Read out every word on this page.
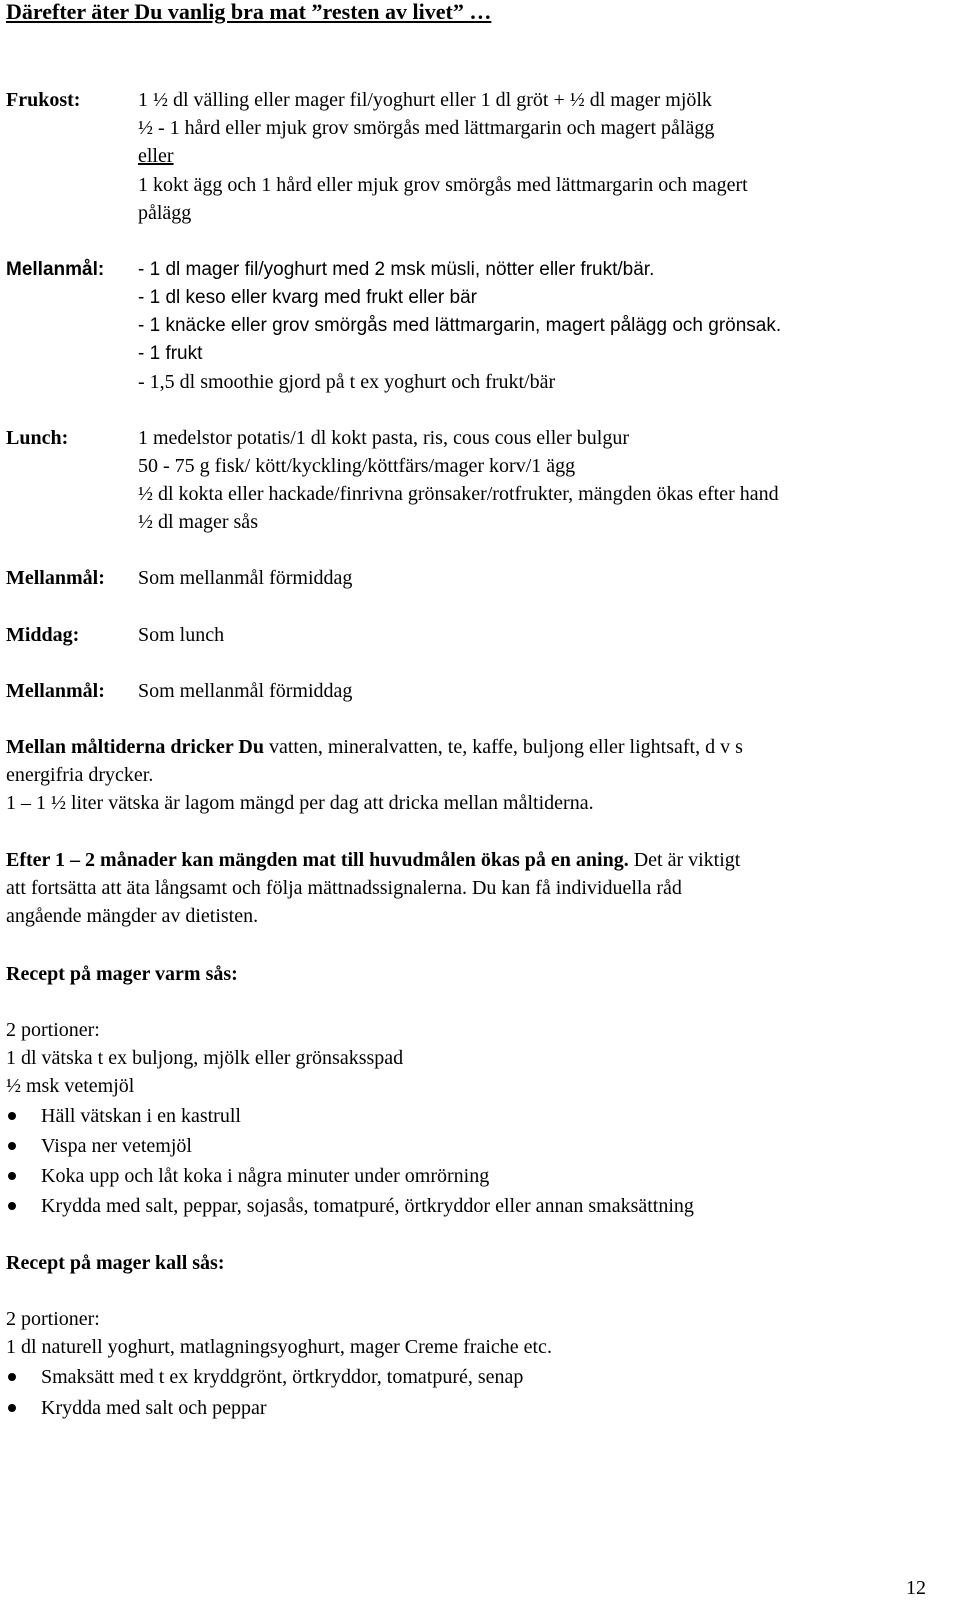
Därefter äter Du vanlig bra mat ”resten av livet” …
Frukost:	1 ½ dl välling eller mager fil/yoghurt eller 1 dl gröt + ½ dl mager mjölk
½ - 1 hård eller mjuk grov smörgås med lättmargarin och magert pålägg
eller
1 kokt ägg och 1 hård eller mjuk grov smörgås med lättmargarin och magert
pålägg
Mellanmål: - 1 dl mager fil/yoghurt med 2 msk müsli, nötter eller frukt/bär.
- 1 dl keso eller kvarg med frukt eller bär
- 1 knäcke eller grov smörgås med lättmargarin, magert pålägg och grönsak.
- 1 frukt
- 1,5 dl smoothie gjord på t ex yoghurt och frukt/bär
Lunch:	1 medelstor potatis/1 dl kokt pasta, ris, cous cous eller bulgur
50 - 75 g fisk/ kött/kyckling/köttfärs/mager korv/1 ägg
½ dl kokta eller hackade/finrivna grönsaker/rotfrukter, mängden ökas efter hand
½ dl mager sås
Mellanmål: Som mellanmål förmiddag
Middag:	Som lunch
Mellanmål: Som mellanmål förmiddag
Mellan måltiderna dricker Du vatten, mineralvatten, te, kaffe, buljong eller lightsaft, d v s
energifria drycker.
1 – 1 ½ liter vätska är lagom mängd per dag att dricka mellan måltiderna.
Efter 1 – 2 månader kan mängden mat till huvudmålen ökas på en aning. Det är viktigt
att fortsätta att äta långsamt och följa mättnadssignalerna. Du kan få individuella råd
angående mängder av dietisten.
Recept på mager varm sås:
2 portioner:
1 dl vätska t ex buljong, mjölk eller grönsaksspad
½ msk vetemjöl
Häll vätskan i en kastrull
Vispa ner vetemjöl
Koka upp och låt koka i några minuter under omrörning
Krydda med salt, peppar, sojasås, tomatpuré, örtkryddor eller annan smaksättning
Recept på mager kall sås:
2 portioner:
1 dl naturell yoghurt, matlagningsyoghurt, mager Creme fraiche etc.
Smaksätt med t ex kryddgrönt, örtkryddor, tomatpuré, senap
Krydda med salt och peppar
12
